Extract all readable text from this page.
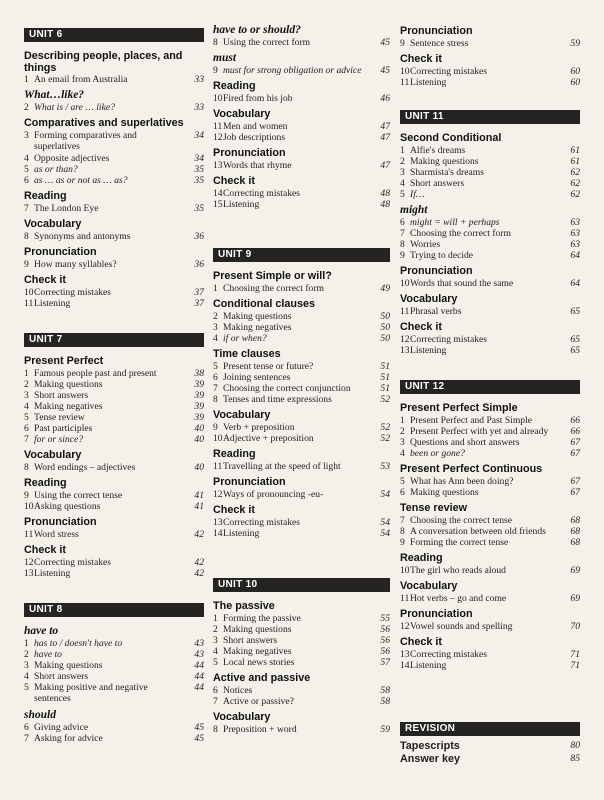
UNIT 6
Describing people, places, and things
1 An email from Australia	33
What…like?
2 What is / are … like?	33
Comparatives and superlatives
3 Forming comparatives and superlatives
34
4 Opposite adjectives	34
5 as or than?	35
6 as … as or not as … as?	35
Reading
7 The London Eye	35
Vocabulary
8 Synonyms and antonyms	36
Pronunciation
9 How many syllables?	36
Check it
10 Correcting mistakes	37
11 Listening	37
UNIT 7
Present Perfect
1 Famous people past and present	38
2 Making questions	39
3 Short answers	39
4 Making negatives	39
5 Tense review	39
6 Past participles	40
7 for or since?	40
Vocabulary
8 Word endings – adjectives	40
Reading
9 Using the correct tense	41
10 Asking questions	41
Pronunciation
11 Word stress	42
Check it
12 Correcting mistakes	42
13 Listening	42
UNIT 8
have to
1 has to / doesn't have to	43
2 have to	43
3 Making questions	44
4 Short answers	44
5 Making positive and negative sentences
44
should
6 Giving advice	45
7 Asking for advice	45
have to or should?
8 Using the correct form	45
must
9 must for strong obligation or advice 45
Reading
10 Fired from his job	46
Vocabulary
11 Men and women	47
12 Job descriptions	47
Pronunciation
13 Words that rhyme	47
Check it
14 Correcting mistakes	48
15 Listening	48
UNIT 9
Present Simple or will?
1 Choosing the correct form	49
Conditional clauses
2 Making questions	50
3 Making negatives	50
4 if or when?	50
Time clauses
5 Present tense or future?	51
6 Joining sentences	51
7 Choosing the correct conjunction	51
8 Tenses and time expressions	52
Vocabulary
9 Verb + preposition	52
10 Adjective + preposition	52
Reading
11 Travelling at the speed of light	53
Pronunciation
12 Ways of pronouncing -eu-	54
Check it
13 Correcting mistakes	54
14 Listening	54
UNIT 10
The passive
1 Forming the passive	55
2 Making questions	56
3 Short answers	56
4 Making negatives	56
5 Local news stories	57
Active and passive
6 Notices	58
7 Active or passive?	58
Vocabulary
8 Preposition + word	59
Pronunciation
9 Sentence stress	59
Check it
10 Correcting mistakes	60
11 Listening	60
UNIT 11
Second Conditional
1 Alfie's dreams	61
2 Making questions	61
3 Sharmista's dreams	62
4 Short answers	62
5 If…	62
might
6 might = will + perhaps	63
7 Choosing the correct form	63
8 Worries	63
9 Trying to decide	64
Pronunciation
10 Words that sound the same	64
Vocabulary
11 Phrasal verbs	65
Check it
12 Correcting mistakes	65
13 Listening	65
UNIT 12
Present Perfect Simple
1 Present Perfect and Past Simple	66
2 Present Perfect with yet and already 66
3 Questions and short answers	67
4 been or gone?	67
Present Perfect Continuous
5 What has Ann been doing?	67
6 Making questions	67
Tense review
7 Choosing the correct tense	68
8 A conversation between old friends	68
9 Forming the correct tense	68
Reading
10 The girl who reads aloud	69
Vocabulary
11 Hot verbs – go and come	69
Pronunciation
12 Vowel sounds and spelling	70
Check it
13 Correcting mistakes	71
14 Listening	71
REVISION
Tapescripts	80
Answer key	85
